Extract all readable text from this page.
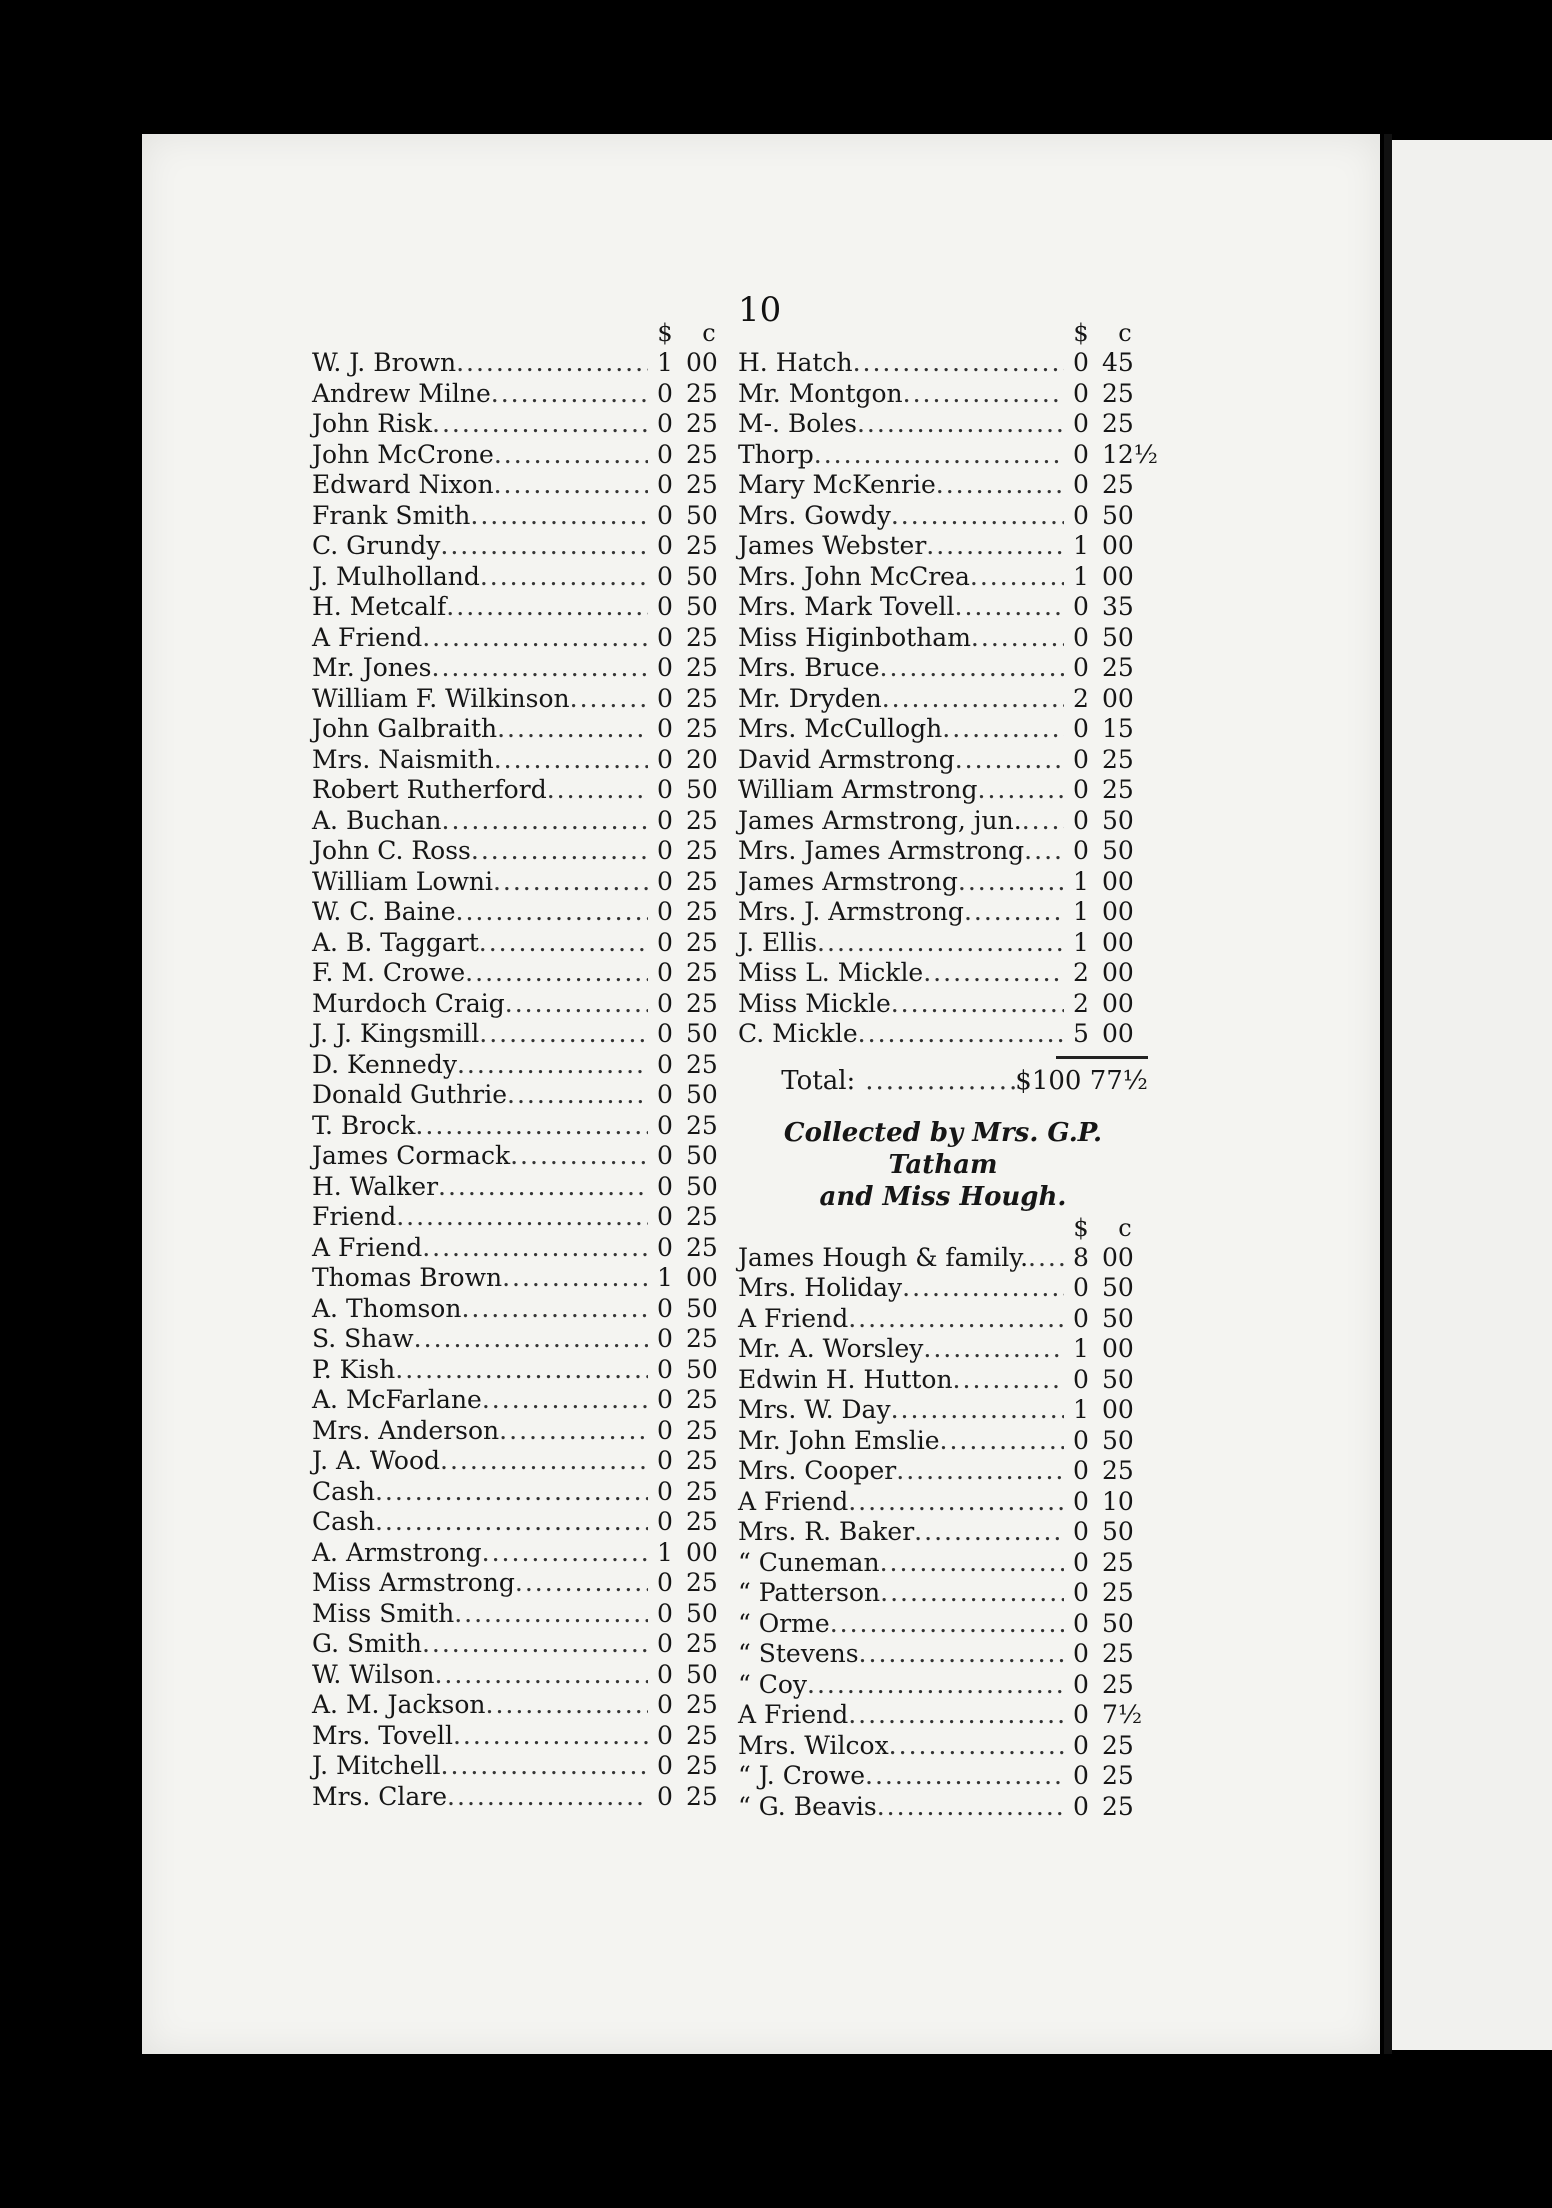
10
$	c
W. J. Brown .....	1 00
Andrew Milne .....	0 25
John Risk .....	0 25
John McCrone .....	0 25
Edward Nixon .....	0 25
Frank Smith .....	0 50
C. Grundy .....	0 25
J. Mulholland .....	0 50
H. Metcalf .....	0 50
A Friend .....	0 25
Mr. Jones .....	0 25
William F. Wilkinson .....	0 25
John Galbraith .....	0 25
Mrs. Naismith .....	0 20
Robert Rutherford .....	0 50
A. Buchan .....	0 25
John C. Ross .....	0 25
William Lowni .....	0 25
W. C. Baine .....	0 25
A. B. Taggart .....	0 25
F. M. Crowe .....	0 25
Murdoch Craig .....	0 25
J. J. Kingsmill .....	0 50
D. Kennedy .....	0 25
Donald Guthrie .....	0 50
T. Brock .....	0 25
James Cormack .....	0 50
H. Walker .....	0 50
Friend .....	0 25
A Friend .....	0 25
Thomas Brown .....	1 00
A. Thomson .....	0 50
S. Shaw .....	0 25
P. Kish .....	0 50
A. McFarlane .....	0 25
Mrs. Anderson .....	0 25
J. A. Wood .....	0 25
Cash .....	0 25
Cash .....	0 25
A. Armstrong .....	1 00
Miss Armstrong .....	0 25
Miss Smith .....	0 50
G. Smith .....	0 25
W. Wilson .....	0 50
A. M. Jackson .....	0 25
Mrs. Tovell .....	0 25
J. Mitchell .....	0 25
Mrs. Clare .....	0 25
$	c
H. Hatch .....	0 45
Mr. Montgon .....	0 25
M-. Boles .....	0 25
Thorp .....	0 12½
Mary McKenrie .....	0 25
Mrs. Gowdy .....	0 50
James Webster .....	1 00
Mrs. John McCrea .....	1 00
Mrs. Mark Tovell .....	0 35
Miss Higinbotham .....	0 50
Mrs. Bruce .....	0 25
Mr. Dryden .....	2 00
Mrs. McCullogh .....	0 15
David Armstrong .....	0 25
William Armstrong .....	0 25
James Armstrong, jun. .....	0 50
Mrs. James Armstrong .....	0 50
James Armstrong .....	1 00
Mrs. J. Armstrong .....	1 00
J. Ellis .....	1 00
Miss L. Mickle .....	2 00
Miss Mickle .....	2 00
C. Mickle .....	5 00
Total: .....	$100 77½
Collected by Mrs. G.P. Tatham
and Miss Hough.
$	c
James Hough & family. .....	8 00
Mrs. Holiday .....	0 50
A Friend .....	0 50
Mr. A. Worsley .....	1 00
Edwin H. Hutton .....	0 50
Mrs. W. Day .....	1 00
Mr. John Emslie .....	0 50
Mrs. Cooper .....	0 25
A Friend .....	0 10
Mrs. R. Baker .....	0 50
“ Cuneman .....	0 25
“ Patterson .....	0 25
“ Orme .....	0 50
“ Stevens .....	0 25
“ Coy .....	0 25
A Friend .....	0 7½
Mrs. Wilcox .....	0 25
“ J. Crowe .....	0 25
“ G. Beavis .....	0 25
